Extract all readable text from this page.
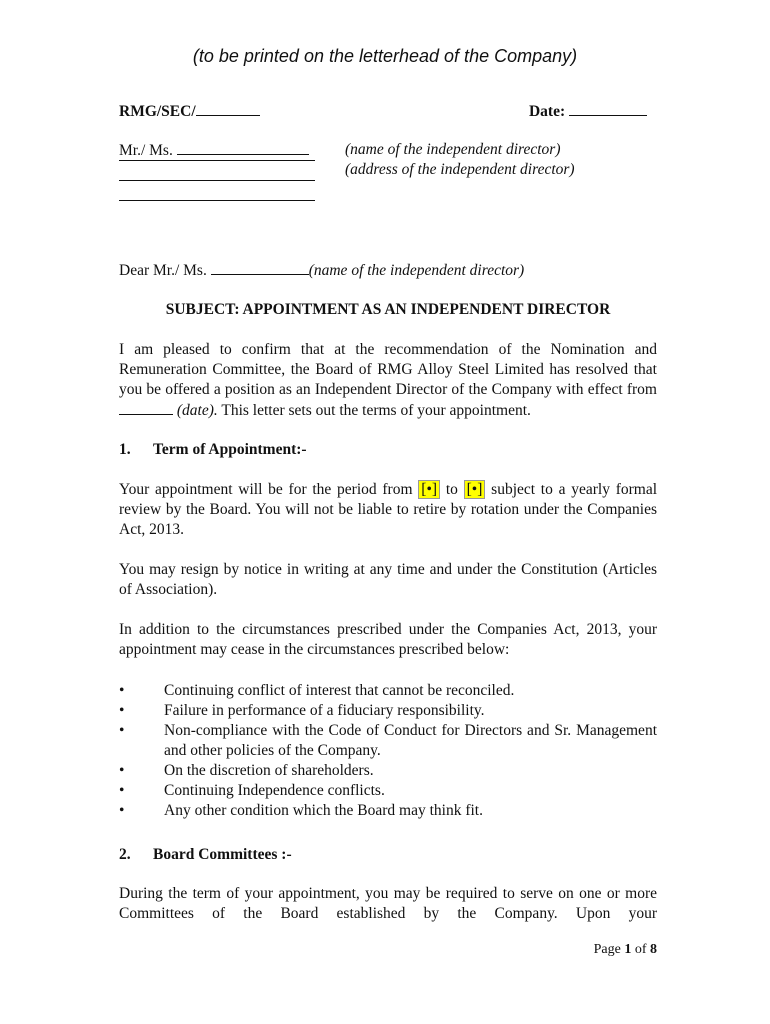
(to be printed on the letterhead of the Company)
RMG/SEC/	Date:
Mr./ Ms.	(name of the independent director)
(address of the independent director)
Dear Mr./ Ms.	(name of the independent director)
SUBJECT: APPOINTMENT AS AN INDEPENDENT DIRECTOR
I am pleased to confirm that at the recommendation of the Nomination and Remuneration Committee, the Board of RMG Alloy Steel Limited has resolved that you be offered a position as an Independent Director of the Company with effect from  (date). This letter sets out the terms of your appointment.
1. Term of Appointment:-
Your appointment will be for the period from [•] to [•] subject to a yearly formal review by the Board. You will not be liable to retire by rotation under the Companies Act, 2013.
You may resign by notice in writing at any time and under the Constitution (Articles of Association).
In addition to the circumstances prescribed under the Companies Act, 2013, your appointment may cease in the circumstances prescribed below:
•	Continuing conflict of interest that cannot be reconciled.
•	Failure in performance of a fiduciary responsibility.
•	Non-compliance with the Code of Conduct for Directors and Sr. Management and other policies of the Company.
•	On the discretion of shareholders.
•	Continuing Independence conflicts.
•	Any other condition which the Board may think fit.
2. Board Committees :-
During the term of your appointment, you may be required to serve on one or more Committees of the Board established by the Company. Upon your
Page 1 of 8
